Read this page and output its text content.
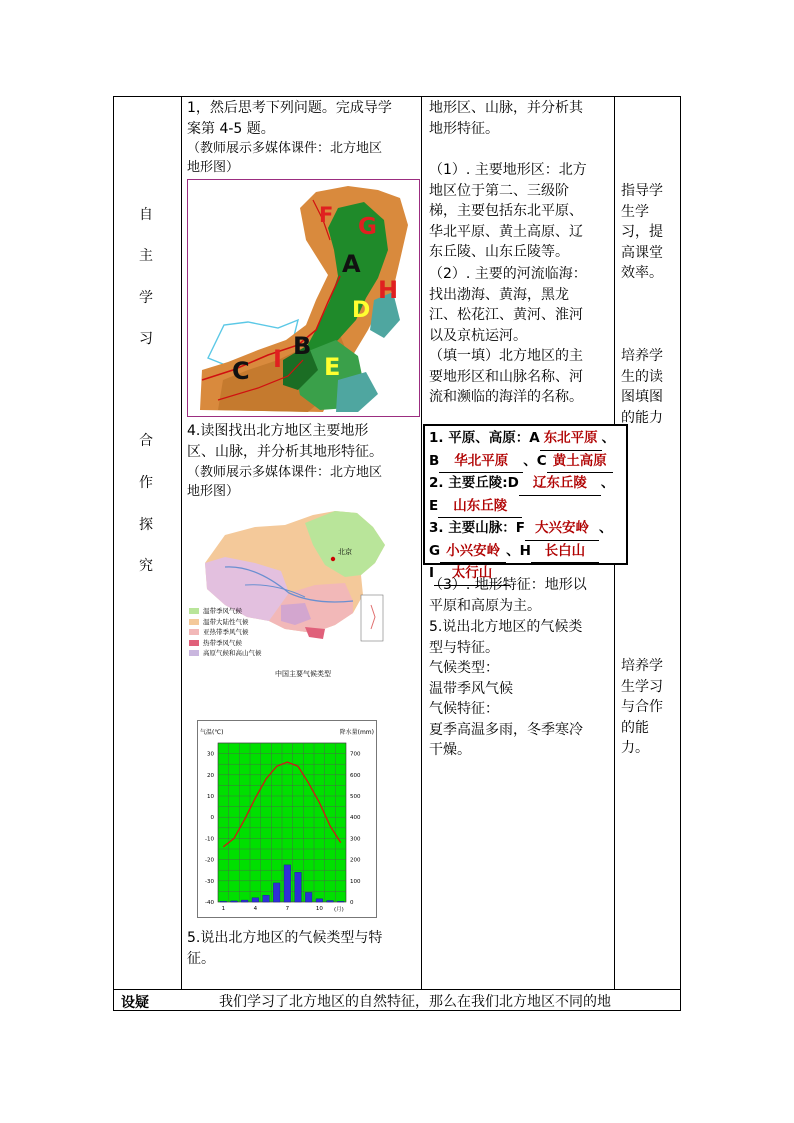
自
主
学
习
合
作
探
究
设疑
1，然后思考下列问题。完成导学
案第 4-5 题。
（教师展示多媒体课件：北方地区
地形图）
F G
A
H
D
B
I
C	E
4.读图找出北方地区主要地形
区、山脉，并分析其地形特征。
（教师展示多媒体课件：北方地区
地形图）
北京
温带季风气候
温带大陆性气候
亚热带季风气候
热带季风气候
高原气候和高山气候
中国主要气候类型
30
20
10
0
-10
-20
-30
-40
700
600
500
400
300
200
100
0
1	4	7	10 (月)
气温(℃)	降水量(mm)
5.说出北方地区的气候类型与特
征。
地形区、山脉，并分析其
地形特征。
（1）. 主要地形区：北方
地区位于第二、三级阶
梯，主要包括东北平原、
华北平原、黄土高原、辽
东丘陵、山东丘陵等。
（2）. 主要的河流临海：
找出渤海、黄海，黑龙
江、松花江、黄河、淮河
以及京杭运河。
（填一填）北方地区的主
要地形区和山脉名称、河
流和濒临的海洋的名称。
1. 平原、高原：A 东北平原 、
B 华北平原 、C 黄土高原
2. 主要丘陵:D 辽东丘陵 、
E 山东丘陵
3. 主要山脉：F 大兴安岭 、
G 小兴安岭 、H 长白山
I 太行山
（3）. 地形特征：地形以
平原和高原为主。
5.说出北方地区的气候类
型与特征。
气候类型：
温带季风气候
气候特征：
夏季高温多雨，冬季寒冷
干燥。
指导学
生学
习，提
高课堂
效率。
培养学
生的读
图填图
的能力
培养学
生学习
与合作
的能
力。
我们学习了北方地区的自然特征，那么在我们北方地区不同的地
